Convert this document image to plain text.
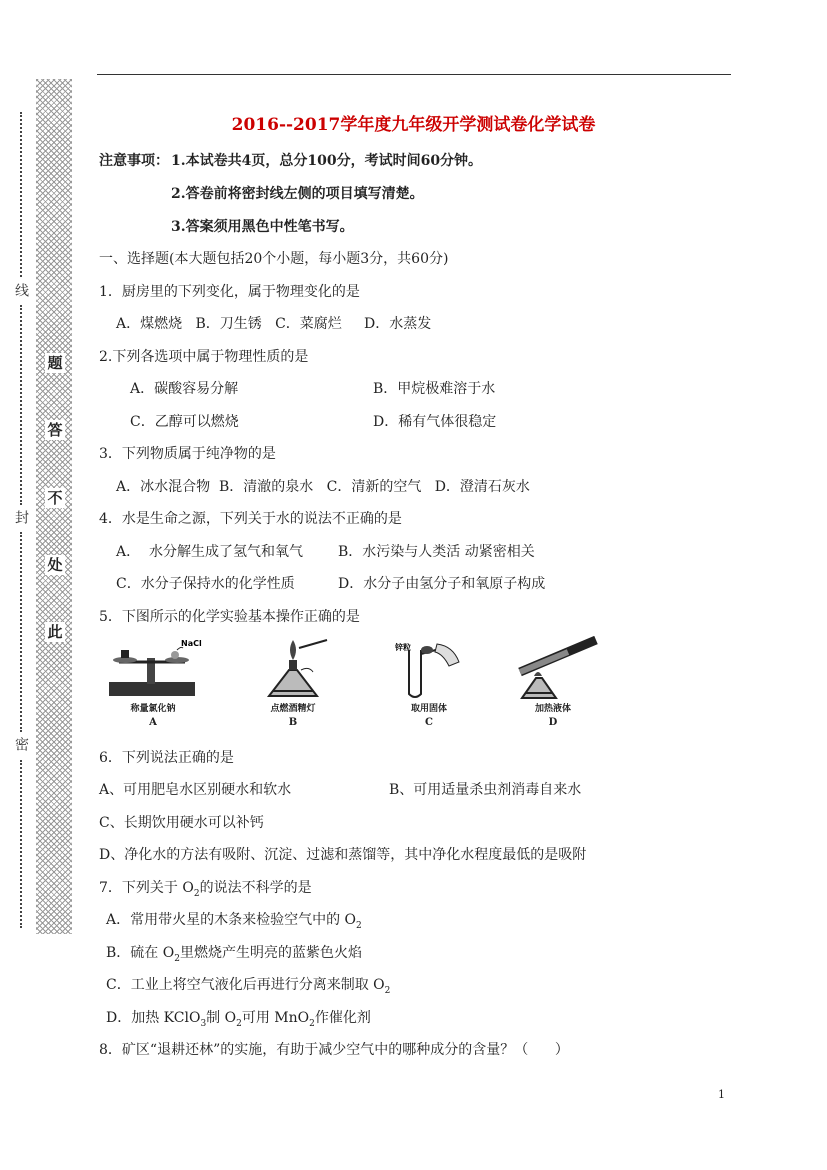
线
封
密
题
答
不
处
此
2016--2017学年度九年级开学测试卷化学试卷
注意事项： 1.本试卷共4页，总分100分，考试时间60分钟。
2.答卷前将密封线左侧的项目填写清楚。
3.答案须用黑色中性笔书写。
一、选择题(本大题包括20个小题，每小题3分，共60分)
1．厨房里的下列变化，属于物理变化的是
A．煤燃烧   B．刀生锈   C．菜腐烂     D．水蒸发
2.下列各选项中属于物理性质的是
A．碳酸容易分解	B．甲烷极难溶于水
C．乙醇可以燃烧	D．稀有气体很稳定
3．下列物质属于纯净物的是
A．冰水混合物  B．清澈的泉水   C．清新的空气   D．澄清石灰水
4．水是生命之源，下列关于水的说法不正确的是
A．  水分解生成了氢气和氧气 B．水污染与人类活 动紧密相关
C．水分子保持水的化学性质	D．水分子由氢分子和氧原子构成
5．下图所示的化学实验基本操作正确的是
NaCl
称量氯化钠
A
点燃酒精灯
B
锌粒
取用固体
C
加热液体
D
6．下列说法正确的是
A、可用肥皂水区别硬水和软水	B、可用适量杀虫剂消毒自来水
C、长期饮用硬水可以补钙
D、净化水的方法有吸附、沉淀、过滤和蒸馏等，其中净化水程度最低的是吸附
7．下列关于 $O_2$的说法不科学的是
A．常用带火星的木条来检验空气中的 $O_2$
B．硫在 $O_2$里燃烧产生明亮的蓝紫色火焰
C．工业上将空气液化后再进行分离来制取 $O_2$
D．加热 KClO$_3$制 $O_2$可用 MnO$_2$作催化剂
8．矿区“退耕还林”的实施，有助于减少空气中的哪种成分的含量？（      ）
1
